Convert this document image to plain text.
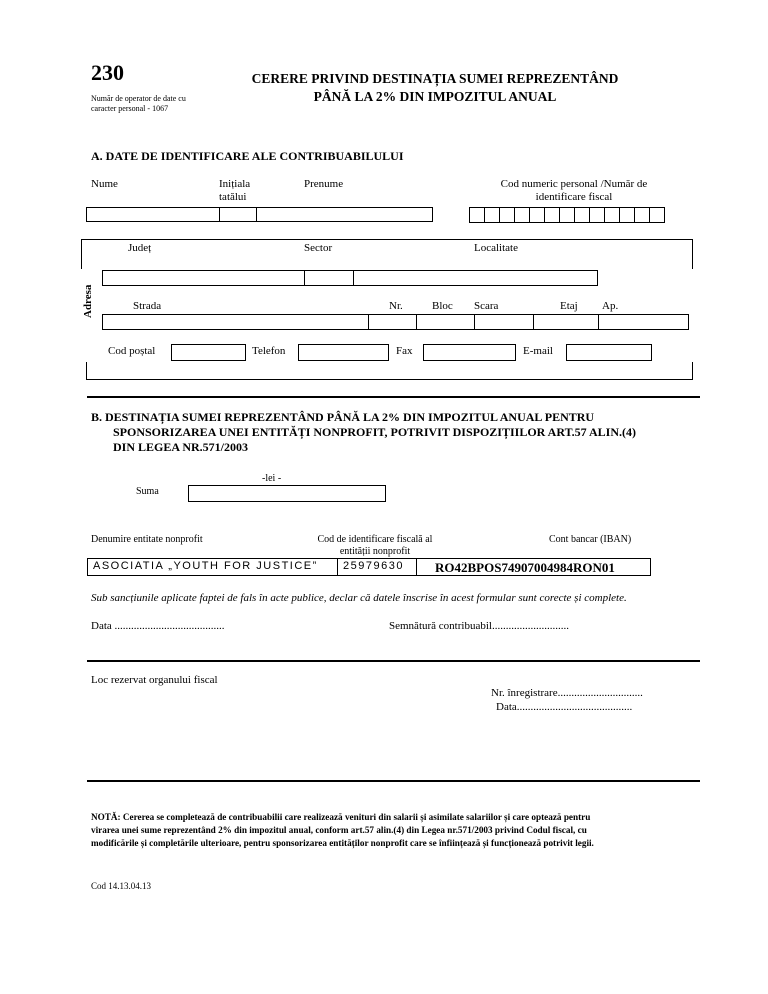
230
Număr de operator de date cu
caracter personal - 1067
CERERE PRIVIND DESTINAȚIA SUMEI REPREZENTÂND
PÂNĂ LA 2% DIN IMPOZITUL ANUAL
A. DATE DE IDENTIFICARE ALE CONTRIBUABILULUI
Nume	Inițiala
tatălui
Prenume	Cod numeric personal /Număr de
identificare fiscal
Județ	Sector	Localitate
Adresa	Strada	Nr.	Bloc Scara	Etaj Ap.
Cod poștal	Telefon	Fax	E-mail
B. DESTINAȚIA SUMEI REPREZENTÂND PÂNĂ LA 2% DIN IMPOZITUL ANUAL PENTRU
SPONSORIZAREA UNEI ENTITĂȚI NONPROFIT, POTRIVIT DISPOZIȚIILOR ART.57 ALIN.(4)
DIN LEGEA NR.571/2003
-lei -
Suma
Denumire entitate nonprofit	Cod de identificare fiscală al
entității nonprofit
Cont bancar (IBAN)
ASOCIATIA „YOUTH FOR JUSTICE”	25979630	RO42BPOS74907004984RON01
Sub sancțiunile aplicate faptei de fals în acte publice, declar că datele înscrise în acest formular sunt corecte și complete.
Data ........................................	Semnătură contribuabil............................
Loc rezervat organului fiscal
Nr. înregistrare...............................
Data..........................................
NOTĂ: Cererea se completează de contribuabilii care realizează venituri din salarii și asimilate salariilor și care optează pentru
virarea unei sume reprezentând 2% din impozitul anual, conform art.57 alin.(4) din Legea nr.571/2003 privind Codul fiscal, cu
modificările și completările ulterioare, pentru sponsorizarea entităților nonprofit care se înființează și funcționează potrivit legii.
Cod 14.13.04.13
